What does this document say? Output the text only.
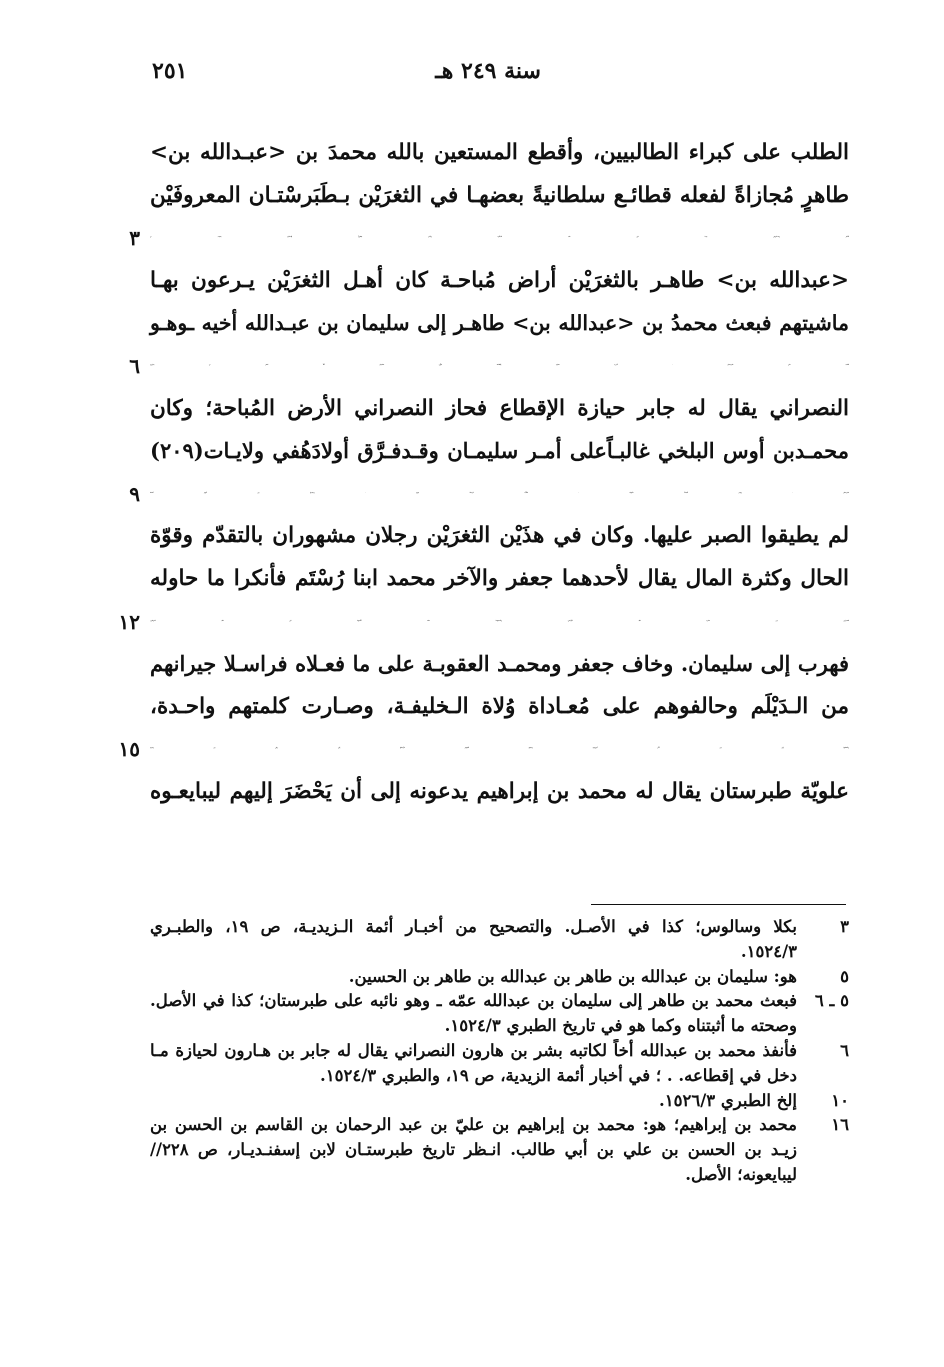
سنة ٢٤٩ هـ
٢٥١
الطلب على كبراء الطالبيين، وأقطع المستعين بالله محمدَ بن <عبـدالله بن>
طاهرٍ مُجازاةً لفعله قطائـع سلطانيةً بعضهـا في الثغرَيْن بـطَبَرسْتـان المعروفَيْن
بكَـلار وسـالـوس ممـا يلي بـلاد الـدَيْلم؛ وكـان مُجاوراً إقـطـاع محمـد بن
٣
<عبدالله بن> طاهـر بالثغرَيْن أراض مُباحـة كان أهـل الثغرَيْن يـرعون بهـا
ماشيتهم فبعث محمدُ بن <عبدالله بن> طاهـر إلى سليمان بن عبـدالله أخيه ـوهـو
النائب على طبرستان ـ يأمره بحيازة إقطاعه فولّى سليمان أخاً لبشر بن هـارون
٦
النصراني يقال له جابر حيازة الإقطاع فحاز النصراني الأرض المُباحة؛ وكان
محمـدبن أوس البلخي غالبـاًعلى أمـر سليمـان وقـدفـرَّق أولادَهُفي ولايـات(٢٠٩)
طبرستان ـ وهـم أحداثٌ سُفهاء ـ فتأذَّت الرعايا منهم ، ونقمـوا من أبيهم أشياء
٩
لم يطيقوا الصبر عليها. وكان في هذَيْن الثغرَيْن رجلان مشهوران بالتقدّم وقوّة
الحال وكثرة المال يقال لأحدهما جعفر والآخر محمد ابنا رُسْتَم فأنكرا ما حاوله
النصراني من حيازة تلك الأراضي وٱستنهضا عليه تُبّاعهما في تلك النـواحي،
١٢
فهرب إلى سليمان. وخاف جعفر ومحمـد العقوبـة على ما فعـلاه فراسـلا جيرانهم
من الـدَيْلَم وحالفوهم على مُعـاداة وُلاة الـخليفـة، وصـارت كلمتهم واحـدة،
وٱحتاجوا إلى مَن يُدَبِّر أمورهم، ويجمع كلمتهم فأرسلوا إلى رجلٍ من وجـوه
١٥
علويّة طبرستان يقال له محمد بن إبراهيم يدعونه إلى أن يَحْضَرَ إليهم ليبايعـوه
٣
بكلا وسالوس؛ كذا في الأصـل. والتصحيح من أخبـار أئمة الـزيديـة، ص ١٩، والطبـري
١٥٢٤/٣.
٥
هو: سليمان بن عبدالله بن طاهر بن عبدالله بن طاهر بن الحسين.
٥ ـ ٦
فبعث محمد بن طاهر إلى سليمان بن عبدالله عمّه ـ وهو نائبه على طبرستان؛ كذا في الأصل.
وصحته ما أثبتناه وكما هو في تاريخ الطبري ١٥٢٤/٣.
٦
فأنفذ محمد بن عبدالله أخاً لكاتبه بشر بن هارون النصراني يقال له جابر بن هـارون لحيازة مـا
دخل في إقطاعه. . ؛ في أخبار أئمة الزيدية، ص ١٩، والطبري ١٥٢٤/٣.
١٠
إلخ الطبري ١٥٢٦/٣.
١٦
محمد بن إبراهيم؛ هو: محمد بن إبراهيم بن عليّ بن عبد الرحمان بن القاسم بن الحسن بن
زيـد بن الحسن بن علي بن أبي طالب. انـظر تاريخ طبرستـان لابن إسفنـديـار، ص ٢٢٨//
ليبايعونه؛ الأصل.
